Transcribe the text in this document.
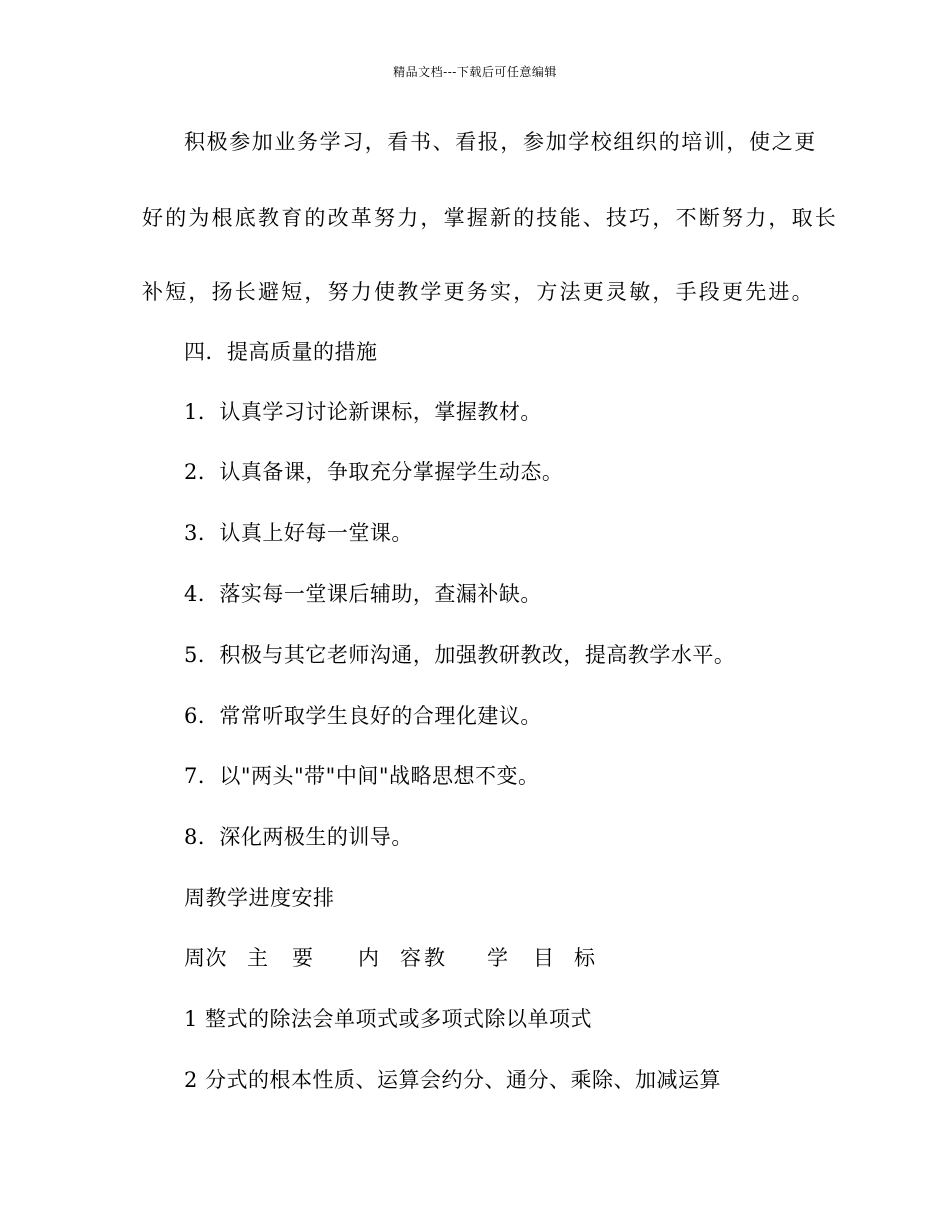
精品文档---下载后可任意编辑
积极参加业务学习，看书、看报，参加学校组织的培训，使之更
好的为根底教育的改革努力，掌握新的技能、技巧，不断努力，取长
补短，扬长避短，努力使教学更务实，方法更灵敏，手段更先进。
四．提高质量的措施
1．认真学习讨论新课标，掌握教材。
2．认真备课，争取充分掌握学生动态。
3．认真上好每一堂课。
4．落实每一堂课后辅助，查漏补缺。
5．积极与其它老师沟通，加强教研教改，提高教学水平。
6．常常听取学生良好的合理化建议。
7．以"两头"带"中间"战略思想不变。
8．深化两极生的训导。
周教学进度安排
周次 主 要 内 容 教 学 目 标
1 整式的除法会单项式或多项式除以单项式
2 分式的根本性质、运算会约分、通分、乘除、加减运算
